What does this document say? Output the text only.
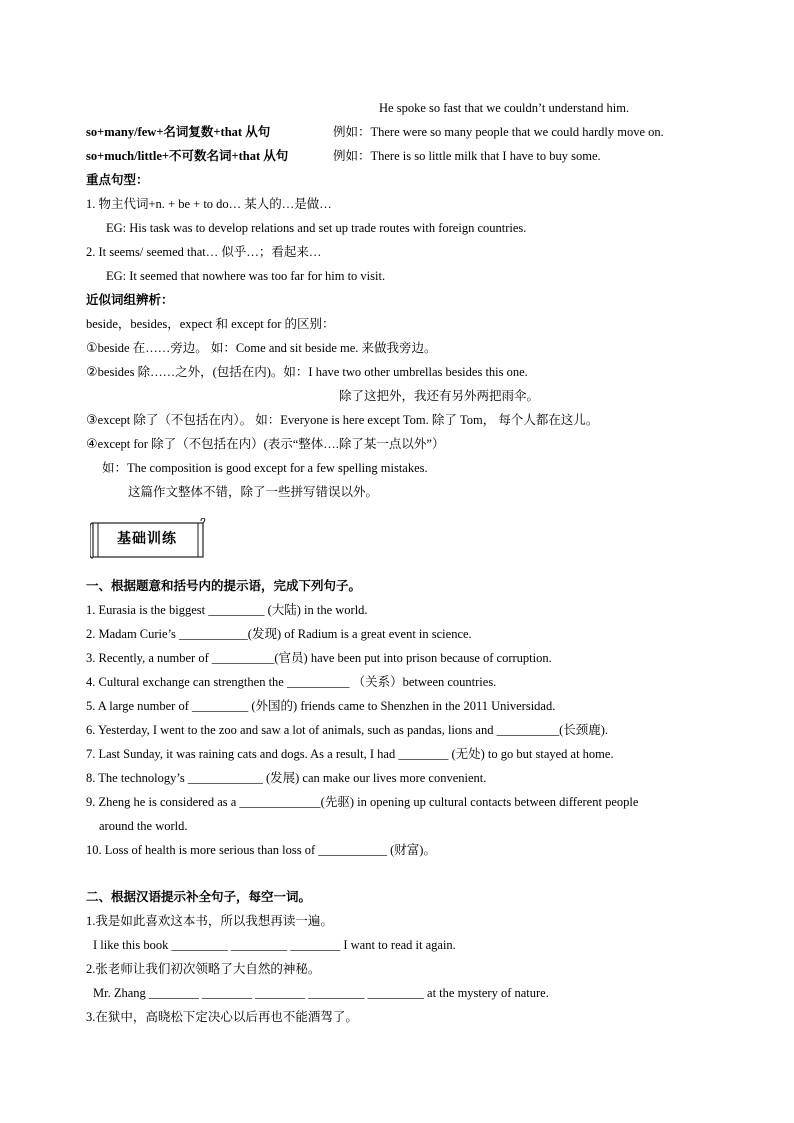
He spoke so fast that we couldn’t understand him.
so+many/few+名词复数+that 从句	例如：There were so many people that we could hardly move on.
so+much/little+不可数名词+that 从句	例如：There is so little milk that I have to buy some.
重点句型：
1. 物主代词+n. + be + to do… 某人的…是做…
EG: His task was to develop relations and set up trade routes with foreign countries.
2. It seems/ seemed that… 似乎…；看起来…
EG: It seemed that nowhere was too far for him to visit.
近似词组辨析：
beside，besides，expect 和 except for 的区别：
①beside 在……旁边。 如：Come and sit beside me. 来做我旁边。
②besides 除……之外，(包括在内)。如：I have two other umbrellas besides this one.
除了这把外，我还有另外两把雨伞。
③except 除了（不包括在内）。 如：Everyone is here except Tom. 除了 Tom， 每个人都在这儿。
④except for 除了（不包括在内）(表示“整体….除了某一点以外”）
如：The composition is good except for a few spelling mistakes.
这篇作文整体不错，除了一些拼写错误以外。
基础训练
一、根据题意和括号内的提示语，完成下列句子。
1. Eurasia is the biggest _________ (大陆) in the world.
2. Madam Curie’s ___________(发现) of Radium is a great event in science.
3. Recently, a number of __________(官员) have been put into prison because of corruption.
4. Cultural exchange can strengthen the __________ （关系）between countries.
5. A large number of _________ (外国的) friends came to Shenzhen in the 2011 Universidad.
6. Yesterday, I went to the zoo and saw a lot of animals, such as pandas, lions and __________(长颈鹿).
7. Last Sunday, it was raining cats and dogs. As a result, I had ________ (无处) to go but stayed at home.
8. The technology’s ____________ (发展) can make our lives more convenient.
9. Zheng he is considered as a _____________(先驱) in opening up cultural contacts between different people
around the world.
10. Loss of health is more serious than loss of ___________ (财富)。
二、根据汉语提示补全句子，每空一词。
1.我是如此喜欢这本书，所以我想再读一遍。
I like this book _________ _________ ________ I want to read it again.
2.张老师让我们初次领略了大自然的神秘。
Mr. Zhang ________ ________ ________ _________ _________ at the mystery of nature.
3.在狱中，高晓松下定决心以后再也不能酒驾了。
